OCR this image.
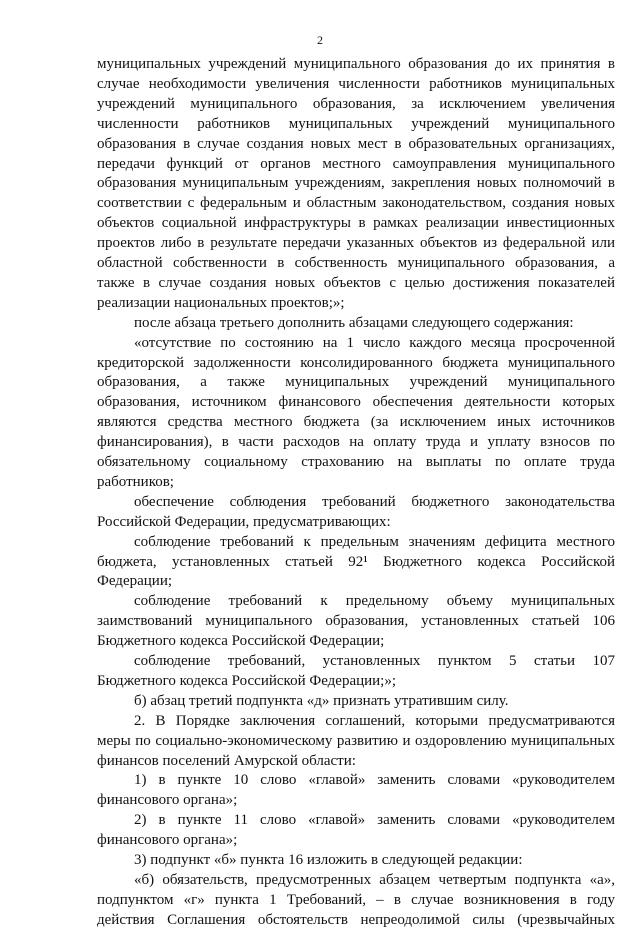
2
муниципальных учреждений муниципального образования до их принятия в
случае необходимости увеличения численности работников муниципальных
учреждений муниципального образования, за исключением увеличения
численности работников муниципальных учреждений муниципального
образования в случае создания новых мест в образовательных организациях,
передачи функций от органов местного самоуправления муниципального
образования муниципальным учреждениям, закрепления новых полномочий в
соответствии с федеральным и областным законодательством, создания новых
объектов социальной инфраструктуры в рамках реализации инвестиционных
проектов либо в результате передачи указанных объектов из федеральной или
областной собственности в собственность муниципального образования, а
также в случае создания новых объектов с целью достижения показателей
реализации национальных проектов;»;
после абзаца третьего дополнить абзацами следующего содержания:
«отсутствие по состоянию на 1 число каждого месяца просроченной
кредиторской задолженности консолидированного бюджета муниципального
образования, а также муниципальных учреждений муниципального
образования, источником финансового обеспечения деятельности которых
являются средства местного бюджета (за исключением иных источников
финансирования), в части расходов на оплату труда и уплату взносов по
обязательному социальному страхованию на выплаты по оплате труда
работников;
обеспечение соблюдения требований бюджетного законодательства
Российской Федерации, предусматривающих:
соблюдение требований к предельным значениям дефицита местного
бюджета, установленных статьей 92¹ Бюджетного кодекса Российской
Федерации;
соблюдение требований к предельному объему муниципальных
заимствований муниципального образования, установленных статьей 106
Бюджетного кодекса Российской Федерации;
соблюдение требований, установленных пунктом 5 статьи 107
Бюджетного кодекса Российской Федерации;»;
б) абзац третий подпункта «д» признать утратившим силу.
2. В Порядке заключения соглашений, которыми предусматриваются
меры по социально-экономическому развитию и оздоровлению муниципальных
финансов поселений Амурской области:
1) в пункте 10 слово «главой» заменить словами «руководителем
финансового органа»;
2) в пункте 11 слово «главой» заменить словами «руководителем
финансового органа»;
3) подпункт «б» пункта 16 изложить в следующей редакции:
«б) обязательств, предусмотренных абзацем четвертым подпункта «а»,
подпунктом «г» пункта 1 Требований, – в случае возникновения в году
действия Соглашения обстоятельств непреодолимой силы (чрезвычайных
